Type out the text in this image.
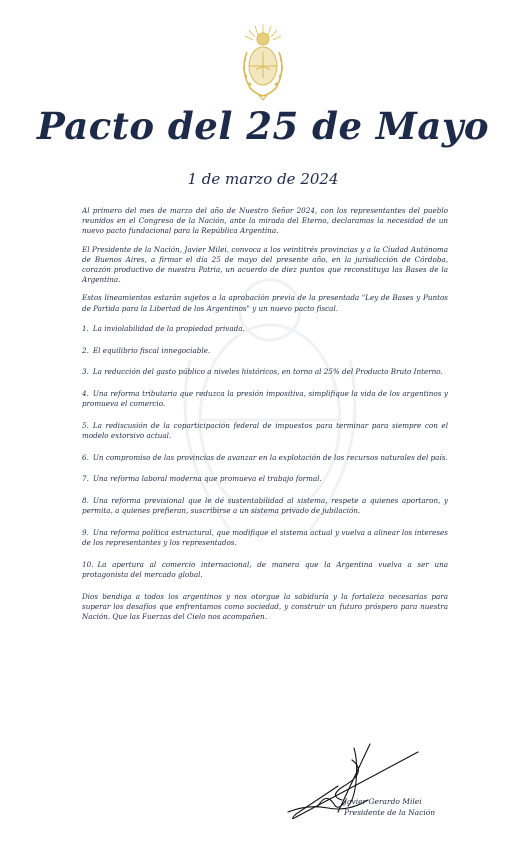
Pacto del 25 de Mayo
1 de marzo de 2024

Al primero del mes de marzo del año de Nuestro Señor 2024, con los representantes del pueblo reunidos en el Congreso de la Nación, ante la mirada del Eterno, declaramos la necesidad de un nuevo pacto fundacional para la República Argentina.

El Presidente de la Nación, Javier Milei, convoca a los veintitrés provincias y a la Ciudad Autónoma de Buenos Aires, a firmar el día 25 de mayo del presente año, en la jurisdicción de Córdoba, corazón productivo de nuestra Patria, un acuerdo de diez puntos que reconstituya las Bases de la Argentina.

Estos lineamientos estarán sujetos a la aprobación previa de la presentada "Ley de Bases y Puntos de Partida para la Libertad de los Argentinos" y un nuevo pacto fiscal.

1. La inviolabilidad de la propiedad privada.
2. El equilibrio fiscal innegociable.
3. La reducción del gasto público a niveles históricos, en torno al 25% del Producto Bruto Interno.
4. Una reforma tributaria que reduzca la presión impositiva, simplifique la vida de los argentinos y promueva el comercio.
5. La rediscusión de la coparticipación federal de impuestos para terminar para siempre con el modelo extorsivo actual.
6. Un compromiso de las provincias de avanzar en la explotación de los recursos naturales del país.
7. Una reforma laboral moderna que promueva el trabajo formal.
8. Una reforma previsional que le dé sustentabilidad al sistema, respete a quienes aportaron, y permita, a quienes prefieran, suscribirse a un sistema privado de jubilación.
9. Una reforma política estructural, que modifique el sistema actual y vuelva a alinear los intereses de los representantes y los representados.
10. La apertura al comercio internacional, de manera que la Argentina vuelva a ser una protagonista del mercado global.

Dios bendiga a todos los argentinos y nos otorgue la sabiduría y la fortaleza necesarias para superar los desafíos que enfrentamos como sociedad, y construir un futuro próspero para nuestra Nación. Que las Fuerzas del Cielo nos acompañen.

Javier Gerardo Milei
Presidente de la Nación
